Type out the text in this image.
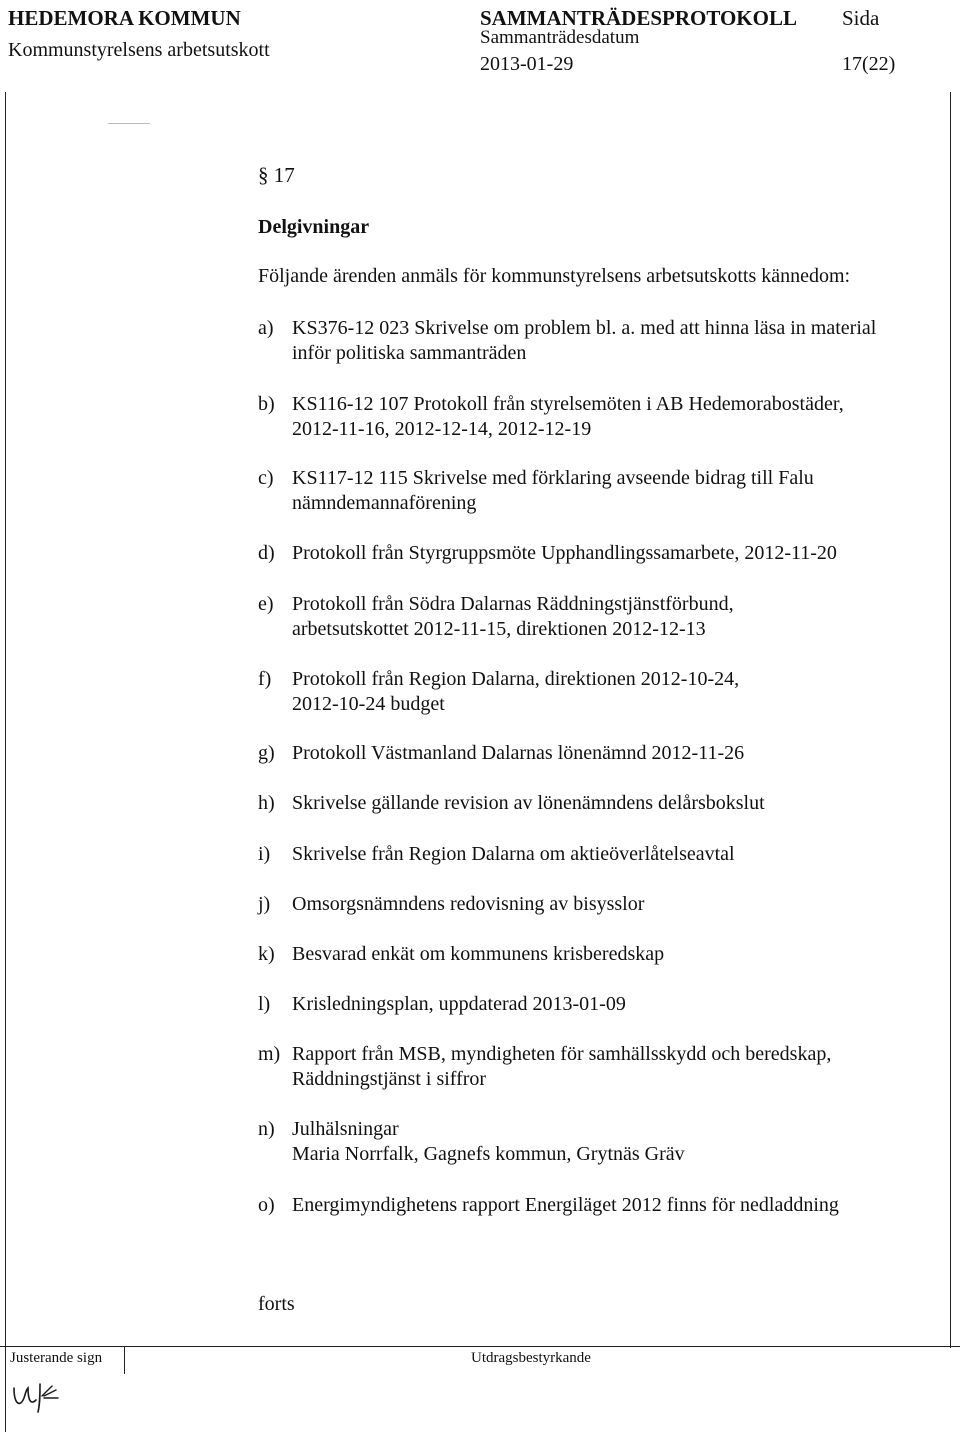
HEDEMORA KOMMUN
Kommunstyrelsens arbetsutskott
SAMMANTRÄDESPROTOKOLL
Sammanträdesdatum
2013-01-29
Sida
17(22)
§ 17
Delgivningar
Följande ärenden anmäls för kommunstyrelsens arbetsutskotts kännedom:
a) KS376-12 023 Skrivelse om problem bl. a. med att hinna läsa in material
inför politiska sammanträden
b) KS116-12 107 Protokoll från styrelsemöten i AB Hedemorabostäder,
2012-11-16, 2012-12-14, 2012-12-19
c) KS117-12 115 Skrivelse med förklaring avseende bidrag till Falu
nämndemannaförening
d) Protokoll från Styrgruppsmöte Upphandlingssamarbete, 2012-11-20
e) Protokoll från Södra Dalarnas Räddningstjänstförbund,
arbetsutskottet 2012-11-15, direktionen 2012-12-13
f)	Protokoll från Region Dalarna, direktionen 2012-10-24,
2012-10-24 budget
g) Protokoll Västmanland Dalarnas lönenämnd 2012-11-26
h) Skrivelse gällande revision av lönenämndens delårsbokslut
i)	Skrivelse från Region Dalarna om aktieöverlåtelseavtal
j)	Omsorgsnämndens redovisning av bisysslor
k) Besvarad enkät om kommunens krisberedskap
l)	Krisledningsplan, uppdaterad 2013-01-09
m) Rapport från MSB, myndigheten för samhällsskydd och beredskap,
Räddningstjänst i siffror
n) Julhälsningar
Maria Norrfalk, Gagnefs kommun, Grytnäs Gräv
o) Energimyndighetens rapport Energiläget 2012 finns för nedladdning
forts
Justerande sign	Utdragsbestyrkande
